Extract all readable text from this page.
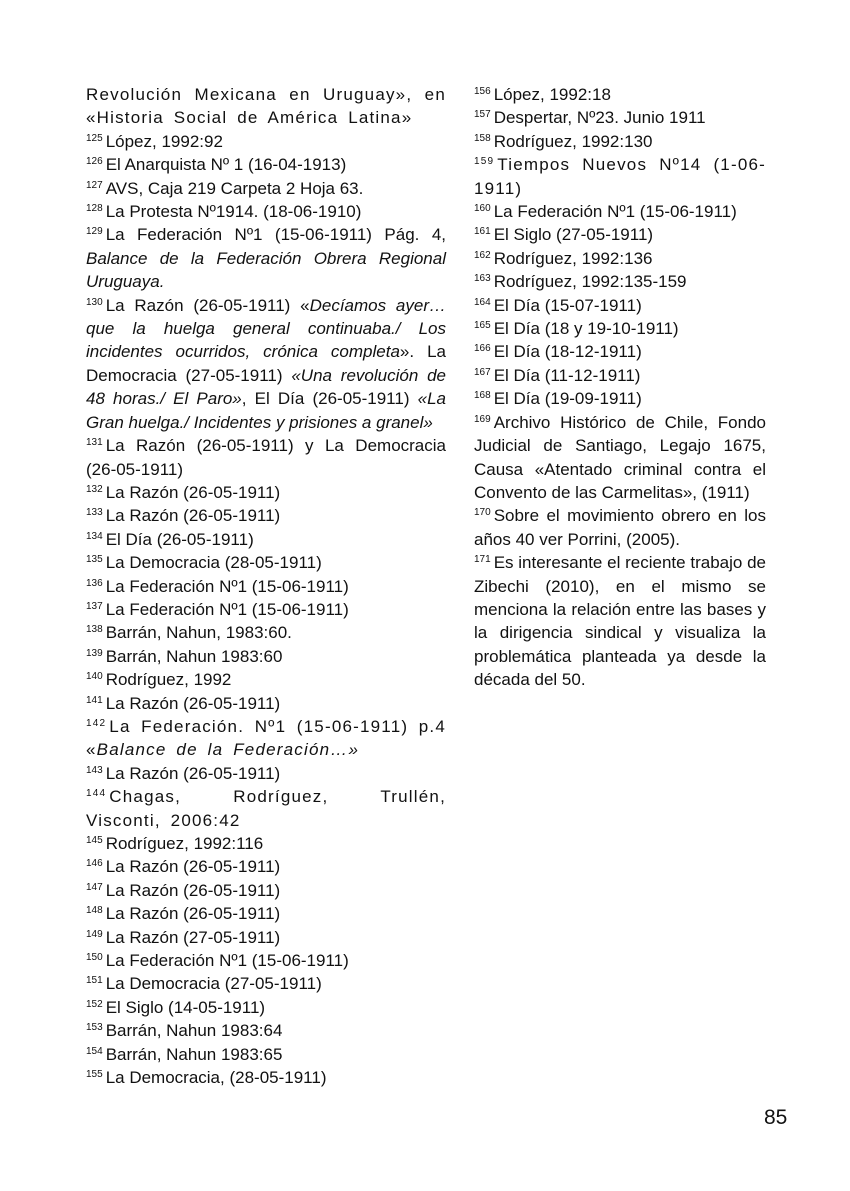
Revolución Mexicana en Uruguay», en «Historia Social de América Latina»

$^{125}$ López, 1992:92

$^{126}$ El Anarquista Nº 1 (16-04-1913)

$^{127}$ AVS, Caja 219 Carpeta 2 Hoja 63.

$^{128}$ La Protesta Nº1914. (18-06-1910)

$^{129}$ La Federación Nº1 (15-06-1911) Pág. 4, Balance de la Federación Obrera Regional Uruguaya.

$^{130}$ La Razón (26-05-1911) «Decíamos ayer… que la huelga general continuaba./ Los incidentes ocurridos, crónica completa». La Democracia (27-05-1911) «Una revolución de 48 horas./ El Paro», El Día (26-05-1911) «La Gran huelga./ Incidentes y prisiones a granel»

$^{131}$ La Razón (26-05-1911) y La Democracia (26-05-1911)

$^{132}$ La Razón (26-05-1911)

$^{133}$ La Razón (26-05-1911)

$^{134}$ El Día (26-05-1911)

$^{135}$ La Democracia (28-05-1911)

$^{136}$ La Federación Nº1 (15-06-1911)

$^{137}$ La Federación Nº1 (15-06-1911)

$^{138}$ Barrán, Nahun, 1983:60.

$^{139}$ Barrán, Nahun 1983:60

$^{140}$ Rodríguez, 1992

$^{141}$ La Razón (26-05-1911)

$^{142}$ La Federación. Nº1 (15-06-1911) p.4 «Balance de la Federación…»

$^{143}$ La Razón (26-05-1911)

$^{144}$ Chagas, Rodríguez, Trullén, Visconti, 2006:42

$^{145}$ Rodríguez, 1992:116

$^{146}$ La Razón (26-05-1911)

$^{147}$ La Razón (26-05-1911)

$^{148}$ La Razón (26-05-1911)

$^{149}$ La Razón (27-05-1911)

$^{150}$ La Federación Nº1 (15-06-1911)

$^{151}$ La Democracia (27-05-1911)

$^{152}$ El Siglo (14-05-1911)

$^{153}$ Barrán, Nahun 1983:64

$^{154}$ Barrán, Nahun 1983:65

$^{155}$ La Democracia, (28-05-1911)

$^{156}$ López, 1992:18

$^{157}$ Despertar, Nº23. Junio 1911

$^{158}$ Rodríguez, 1992:130

$^{159}$ Tiempos Nuevos Nº14 (1-06-1911)

$^{160}$ La Federación Nº1 (15-06-1911)

$^{161}$ El Siglo (27-05-1911)

$^{162}$ Rodríguez, 1992:136

$^{163}$ Rodríguez, 1992:135-159

$^{164}$ El Día (15-07-1911)

$^{165}$ El Día (18 y 19-10-1911)

$^{166}$ El Día (18-12-1911)

$^{167}$ El Día (11-12-1911)

$^{168}$ El Día (19-09-1911)

$^{169}$ Archivo Histórico de Chile, Fondo Judicial de Santiago, Legajo 1675, Causa «Atentado criminal contra el Convento de las Carmelitas», (1911)

$^{170}$ Sobre el movimiento obrero en los años 40 ver Porrini, (2005).

$^{171}$ Es interesante el reciente trabajo de Zibechi (2010), en el mismo se menciona la relación entre las bases y la dirigencia sindical y visualiza la problemática planteada ya desde la década del 50.

85
